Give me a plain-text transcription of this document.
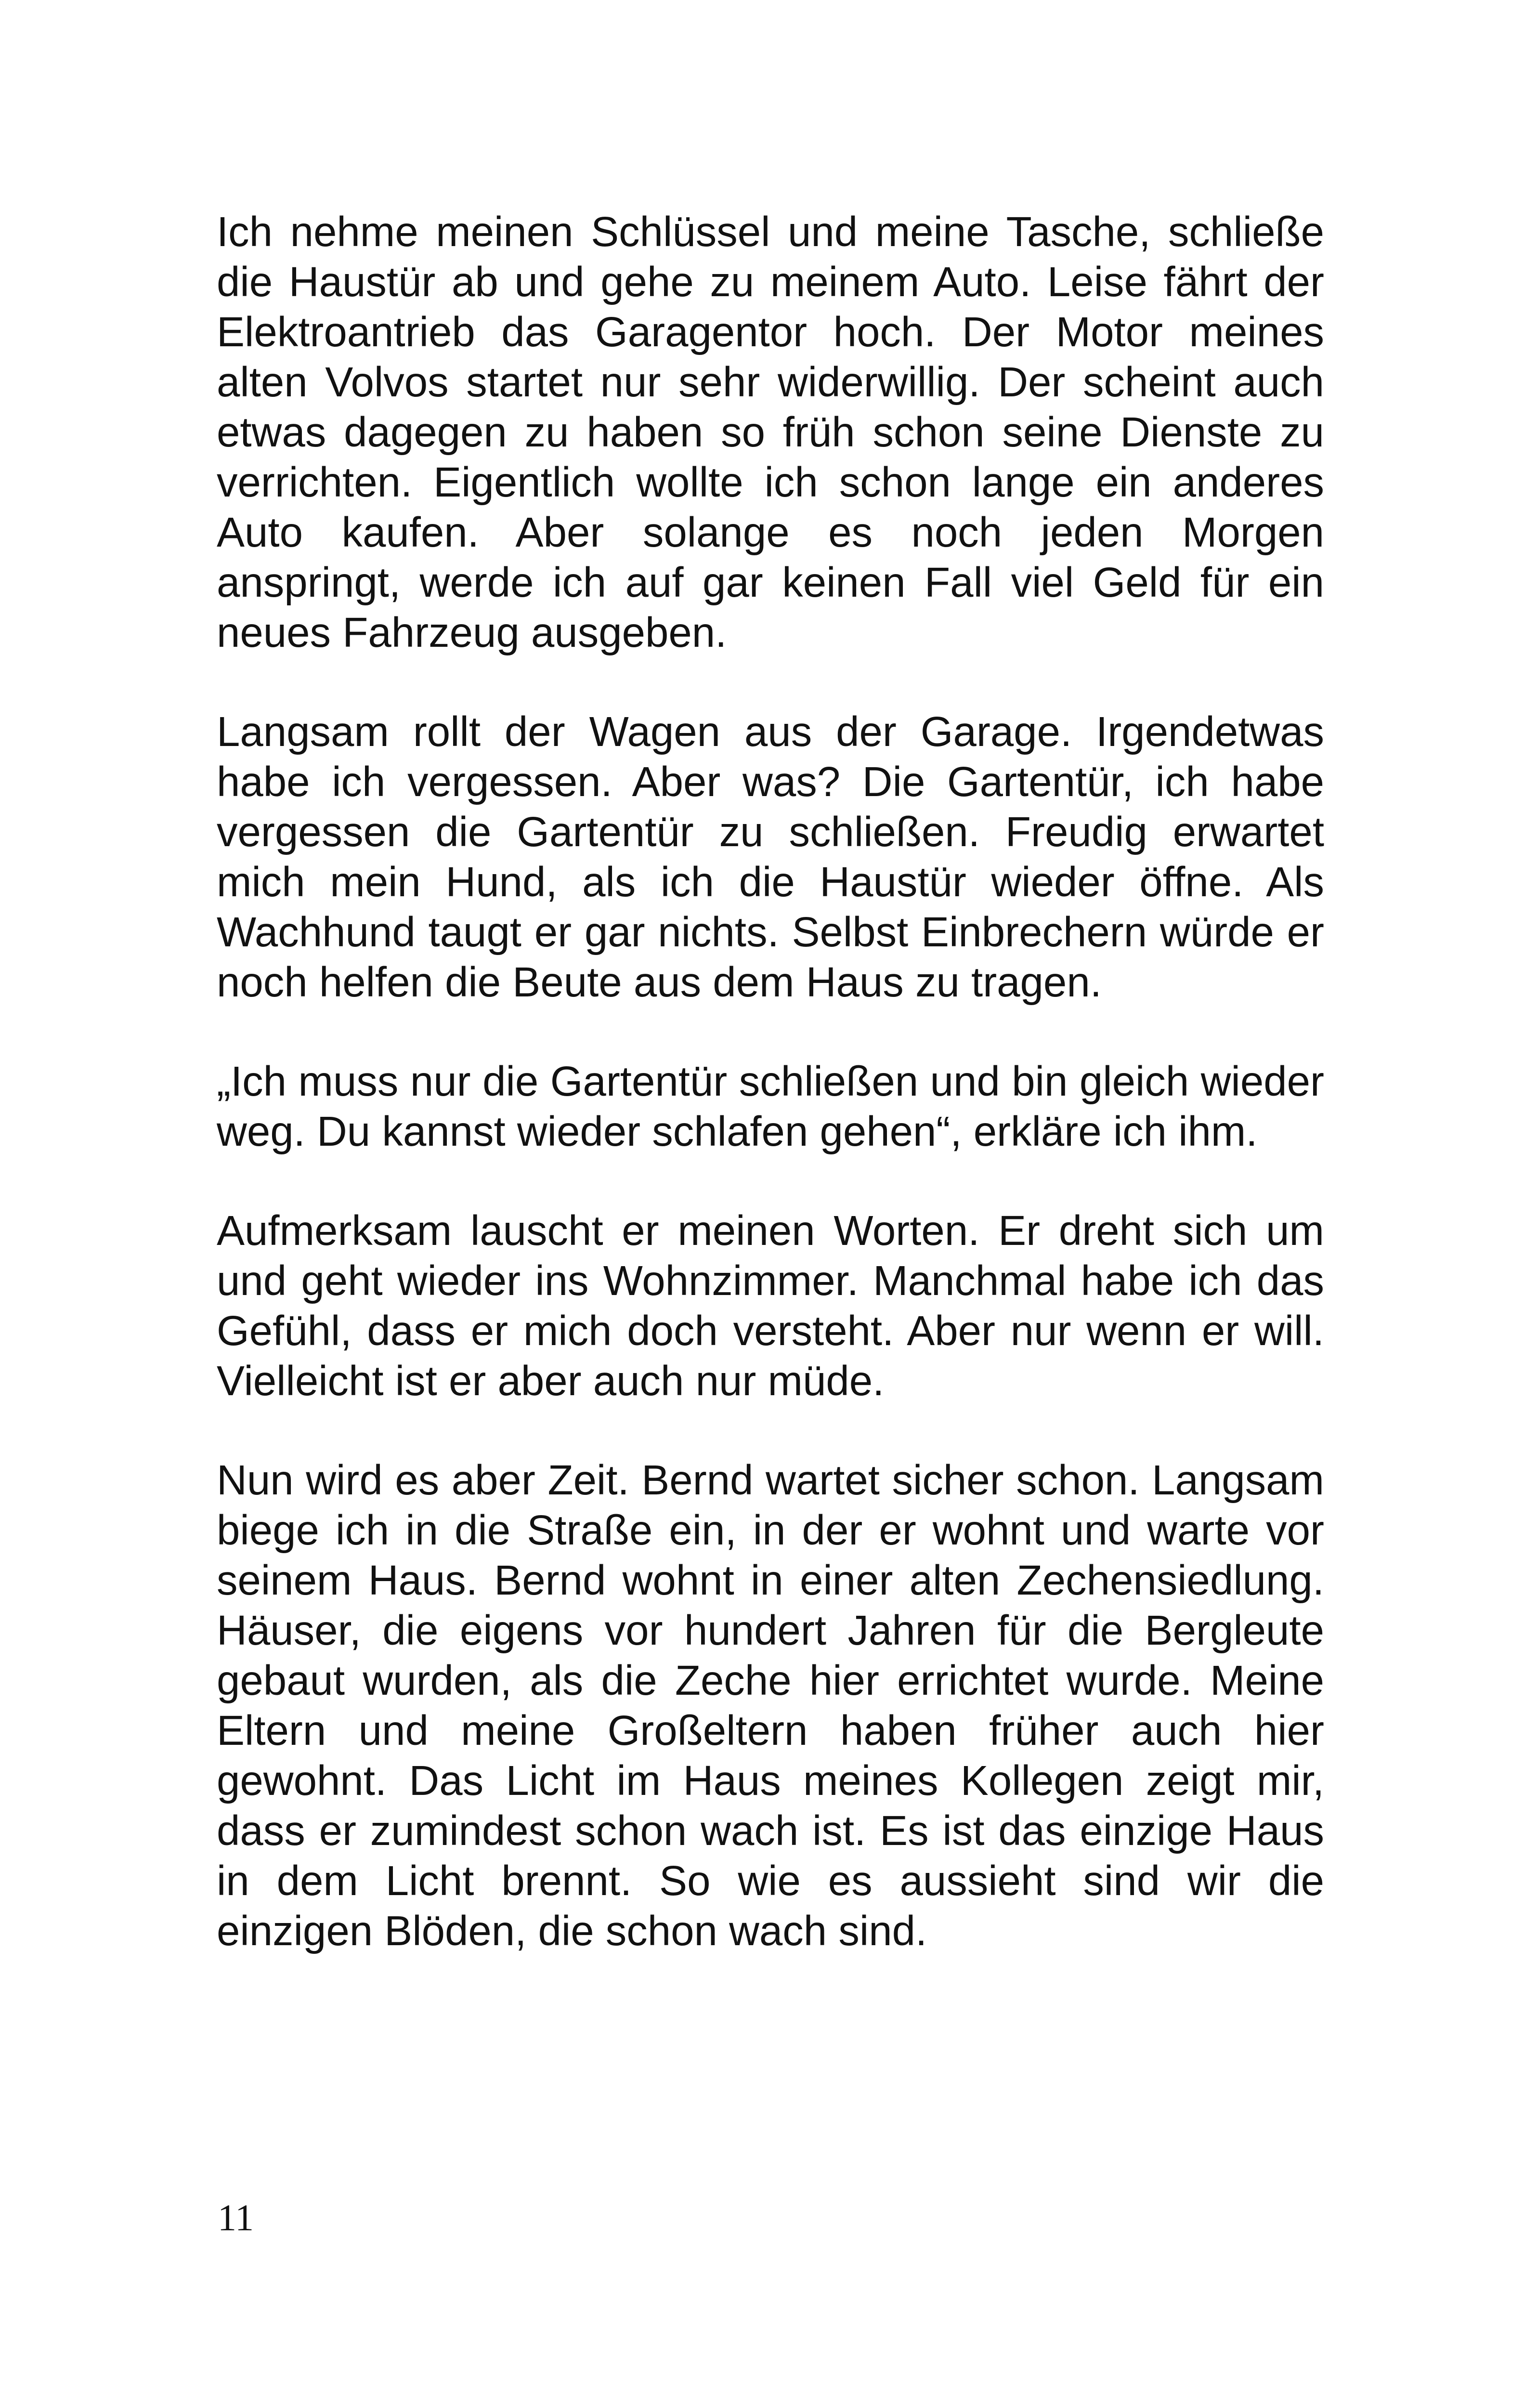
Ich nehme meinen Schlüssel und meine Tasche, schließe die Haustür ab und gehe zu meinem Auto. Leise fährt der Elektroantrieb das Garagentor hoch. Der Motor meines alten Volvos startet nur sehr widerwillig. Der scheint auch etwas dagegen zu haben so früh schon seine Dienste zu verrichten. Eigentlich wollte ich schon lange ein anderes Auto kaufen. Aber solange es noch jeden Morgen anspringt, werde ich auf gar keinen Fall viel Geld für ein neues Fahrzeug ausgeben.

Langsam rollt der Wagen aus der Garage. Irgendetwas habe ich vergessen. Aber was? Die Gartentür, ich habe vergessen die Gartentür zu schließen. Freudig erwartet mich mein Hund, als ich die Haustür wieder öffne. Als Wachhund taugt er gar nichts. Selbst Einbrechern würde er noch helfen die Beute aus dem Haus zu tragen.

„Ich muss nur die Gartentür schließen und bin gleich wieder weg. Du kannst wieder schlafen gehen“, erkläre ich ihm.

Aufmerksam lauscht er meinen Worten. Er dreht sich um und geht wieder ins Wohnzimmer. Manchmal habe ich das Gefühl, dass er mich doch versteht. Aber nur wenn er will. Vielleicht ist er aber auch nur müde.

Nun wird es aber Zeit. Bernd wartet sicher schon. Langsam biege ich in die Straße ein, in der er wohnt und warte vor seinem Haus. Bernd wohnt in einer alten Zechensiedlung. Häuser, die eigens vor hundert Jahren für die Bergleute gebaut wurden, als die Zeche hier errichtet wurde. Meine Eltern und meine Großeltern haben früher auch hier gewohnt. Das Licht im Haus meines Kollegen zeigt mir, dass er zumindest schon wach ist. Es ist das einzige Haus in dem Licht brennt. So wie es aussieht sind wir die einzigen Blöden, die schon wach sind.

11
